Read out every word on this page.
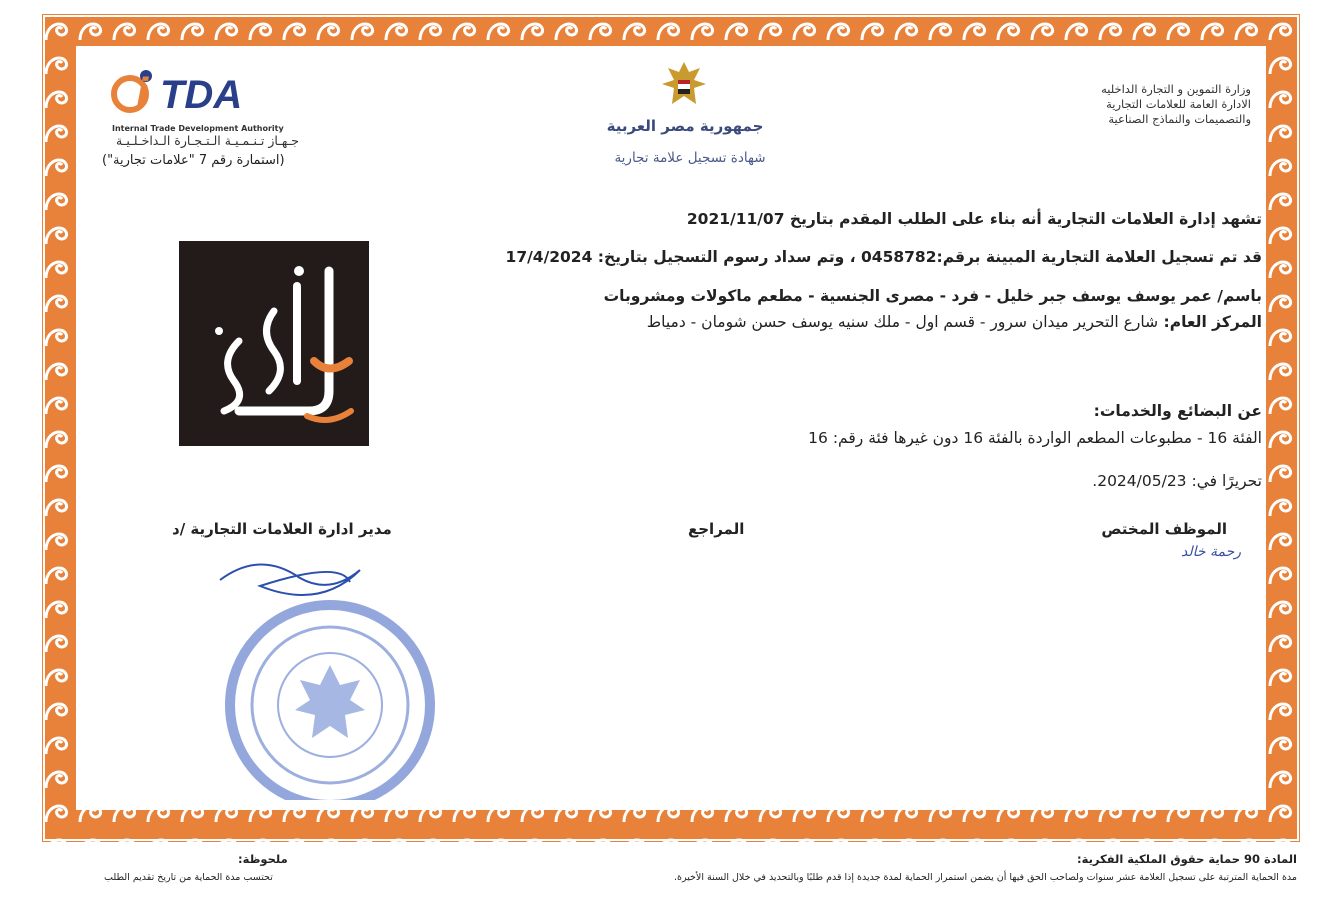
وزارة التموين و التجارة الداخليه
الادارة العامة للعلامات التجارية
والتصميمات والنماذج الصناعية
جمهورية مصر العربية
شهادة تسجيل علامة تجارية
i TDA
Internal Trade Development Authority
جـهـاز تـنـمـيـة الـتـجـارة الـداخـلـيـة
(استمارة رقم 7 "علامات تجارية")
تشهد إدارة العلامات التجارية أنه بناء على الطلب المقدم بتاريخ 2021/11/07
قد تم تسجيل العلامة التجارية المبينة برقم:0458782 ، وتم سداد رسوم التسجيل بتاريخ: 17/4/2024
باسم/ عمر يوسف يوسف جبر خليل - فرد - مصرى الجنسية - مطعم ماكولات ومشروبات
المركز العام: شارع التحرير ميدان سرور - قسم اول - ملك سنيه يوسف حسن شومان - دمياط
عن البضائع والخدمات:
الفئة 16 - مطبوعات المطعم الواردة بالفئة 16 دون غيرها فئة رقم: 16
تحريرًا في: 2024/05/23.
الموظف المختص
رحمة خالد
المراجع
مدير ادارة العلامات التجارية /د
المادة 90 حماية حقوق الملكية الفكرية:
مدة الحماية المترتبة على تسجيل العلامة عشر سنوات ولصاحب الحق فيها أن يضمن استمرار الحماية لمدة جديدة إذا قدم طلبًا وبالتحديد في خلال السنة الأخيرة.
ملحوظة:
تحتسب مدة الحماية من تاريخ تقديم الطلب
